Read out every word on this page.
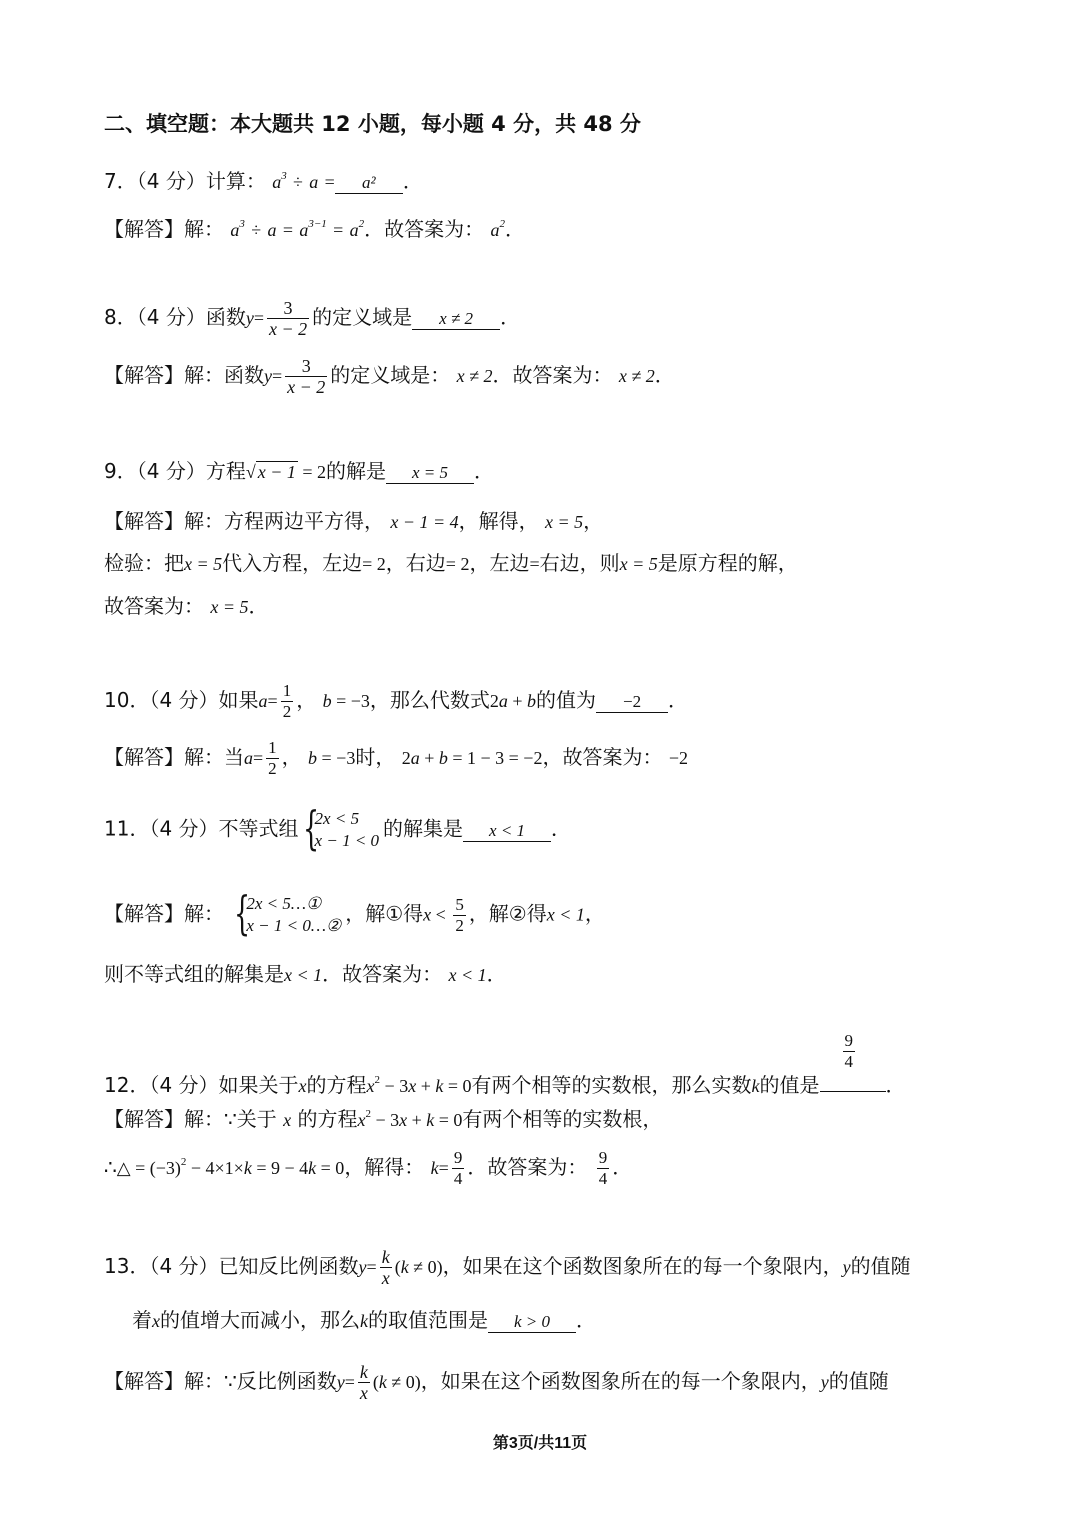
二、填空题：本大题共 12 小题，每小题 4 分，共 48 分
7．（4 分）计算： $a^3 \div a = a^2$ ．
【解答】解： $a^3 \div a = a^{3-1} = a^2$．故答案为： $a^2$．
8．（4 分）函数$y= \frac{3}{x - 2}$ 的定义域是 x ≠ 2 ．
【解答】解：函数$y= \frac{3}{x - 2}$ 的定义域是： x ≠ 2．故答案为： x ≠ 2．
9．（4 分）方程√ x − 1 = 2的解是 x = 5 ．
【解答】解：方程两边平方得， x − 1 = 4，解得， x = 5，
检验：把x = 5代入方程，左边= 2，右边= 2，左边=右边，则x = 5是原方程的解，
故答案为： x = 5．
10．（4 分）如果$a= \frac{1}{2}$ ， b = −3，那么代数式2a + b的值为 −2 ．
【解答】解：当$a= \frac{1}{2}$ ， b = −3时， 2a + b = 1 − 3 = −2，故答案为： −2
11．（4 分）不等式组 {
2x < 5
x − 1 < 0 的解集是 x < 1 ．
【解答】解： {
2x < 5…①
x − 1 < 0…② ，解①得$x < \frac{5}{2}$ ，解②得x < 1，
则不等式组的解集是x < 1．故答案为： x < 1．
12．（4 分）如果关于x的方程$x^2 - 3x + k = 0$有两个相等的实数根，那么实数k的值是
$\frac{9}{4}$
．
【解答】解：∵关于 x 的方程$x^2 - 3x + k = 0$有两个相等的实数根，
∴△ = $(-3)^2 - 4\times 1\times k = 9 - 4k = 0$，解得： $k= \frac{9}{4}$ ．故答案为： $\frac{9}{4}$ ．
13．（4 分）已知反比例函数$y= \frac{k}{x} (k \ne 0)$，如果在这个函数图象所在的每一个象限内，y的值随
着x的值增大而减小，那么k的取值范围是 k > 0 ．
【解答】解：∵反比例函数$y= \frac{k}{x} (k \ne 0)$，如果在这个函数图象所在的每一个象限内，y的值随
第3页/共11页
